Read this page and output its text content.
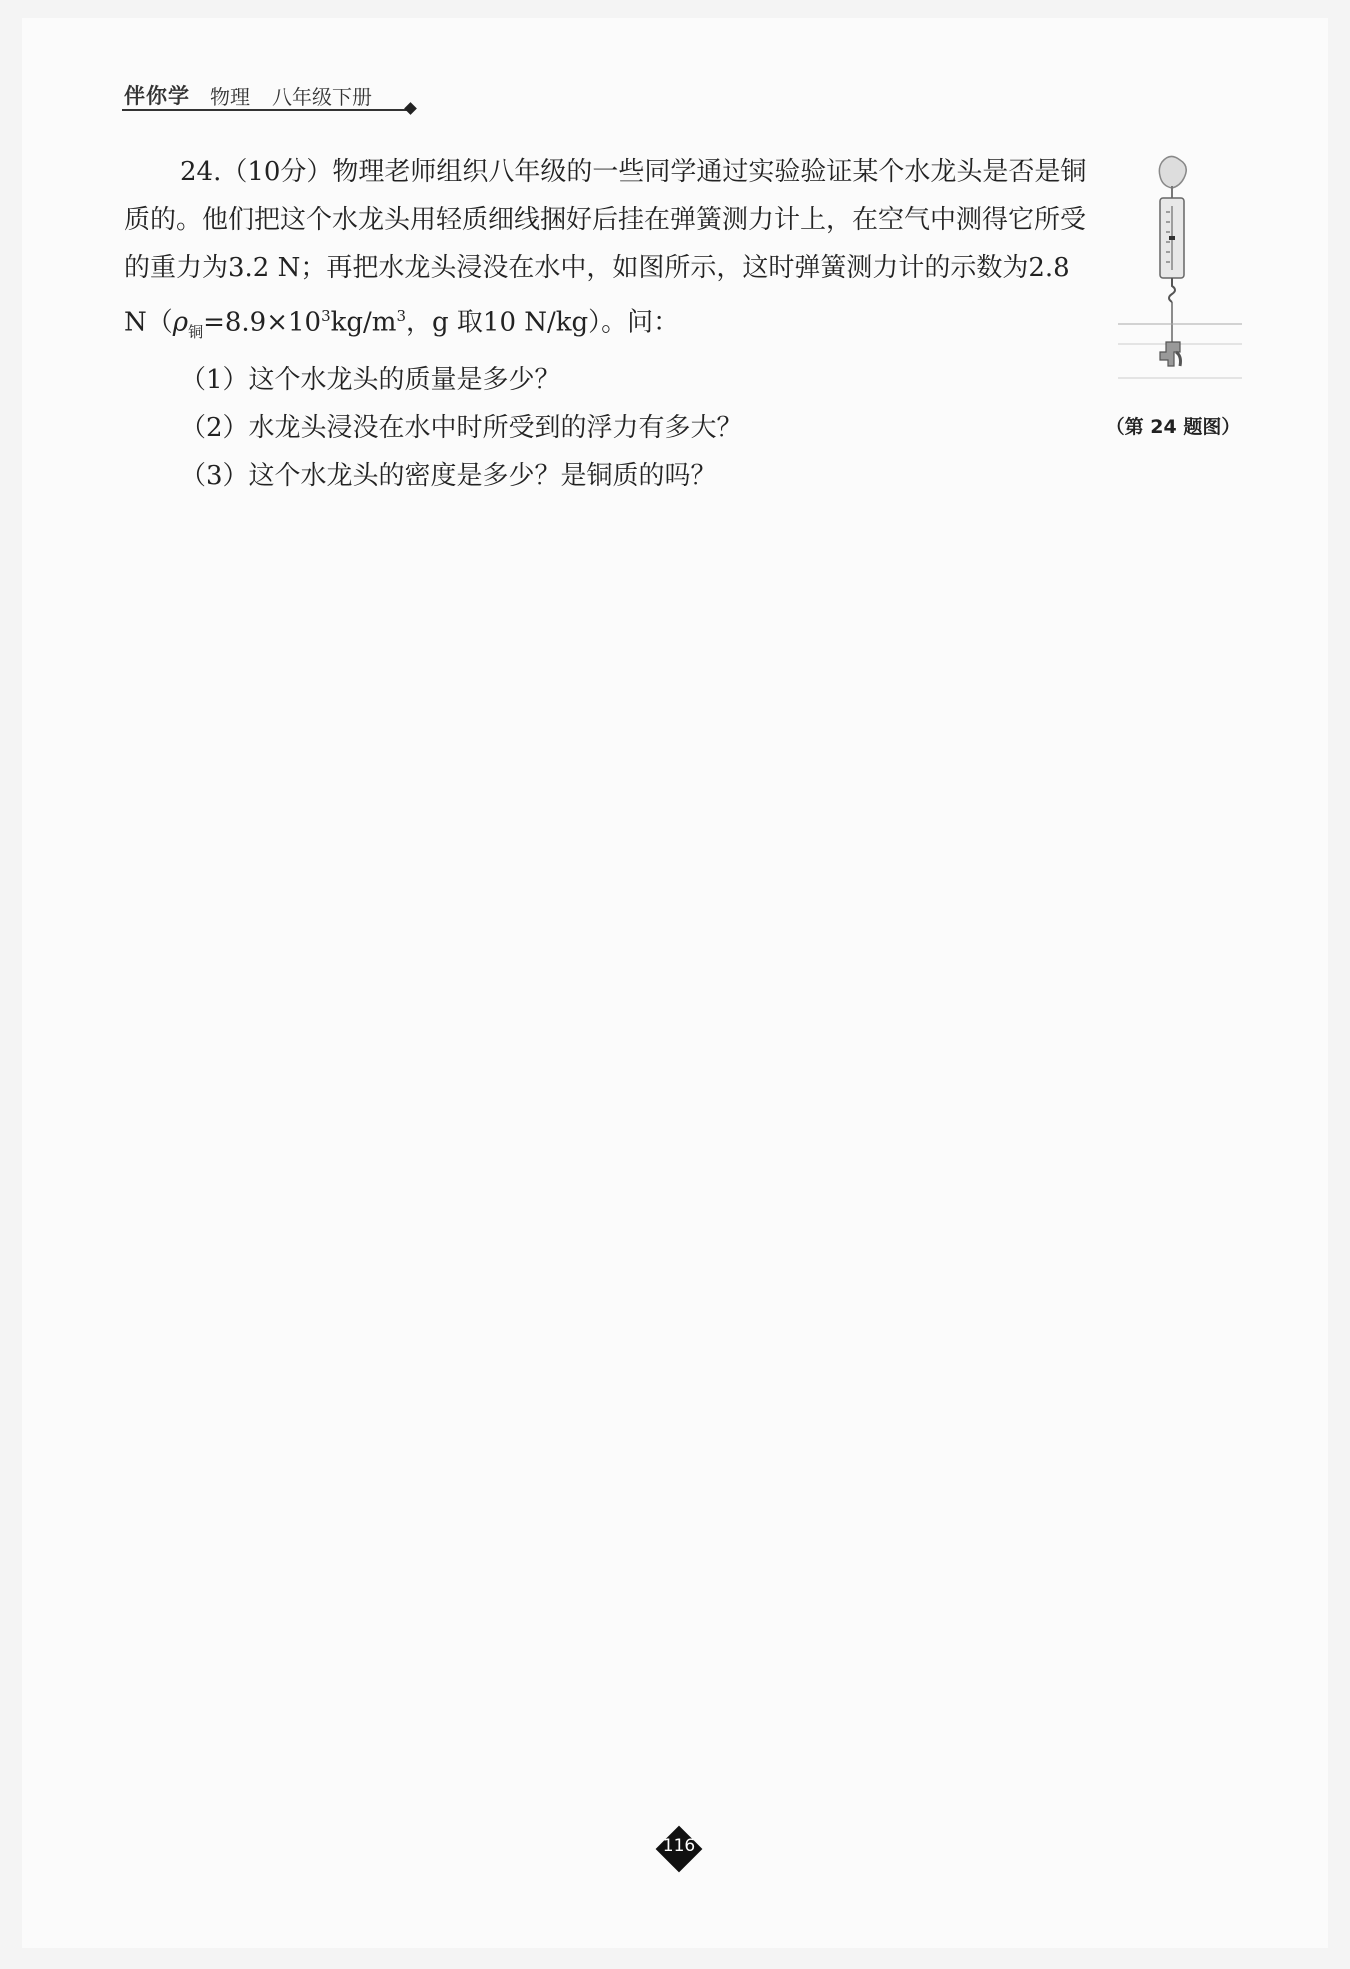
伴你学 物理 八年级下册

24.（10分）物理老师组织八年级的一些同学通过实验验证某个水龙头是否是铜质的。他们把这个水龙头用轻质细线捆好后挂在弹簧测力计上，在空气中测得它所受的重力为3.2 N；再把水龙头浸没在水中，如图所示，这时弹簧测力计的示数为2.8 $N(\rho_铜=8.9\times 10^3kg/m^3$，g 取10 N/kg）。问：

（1）这个水龙头的质量是多少？

（2）水龙头浸没在水中时所受到的浮力有多大？

（3）这个水龙头的密度是多少？是铜质的吗？

（第 24 题图）
116
